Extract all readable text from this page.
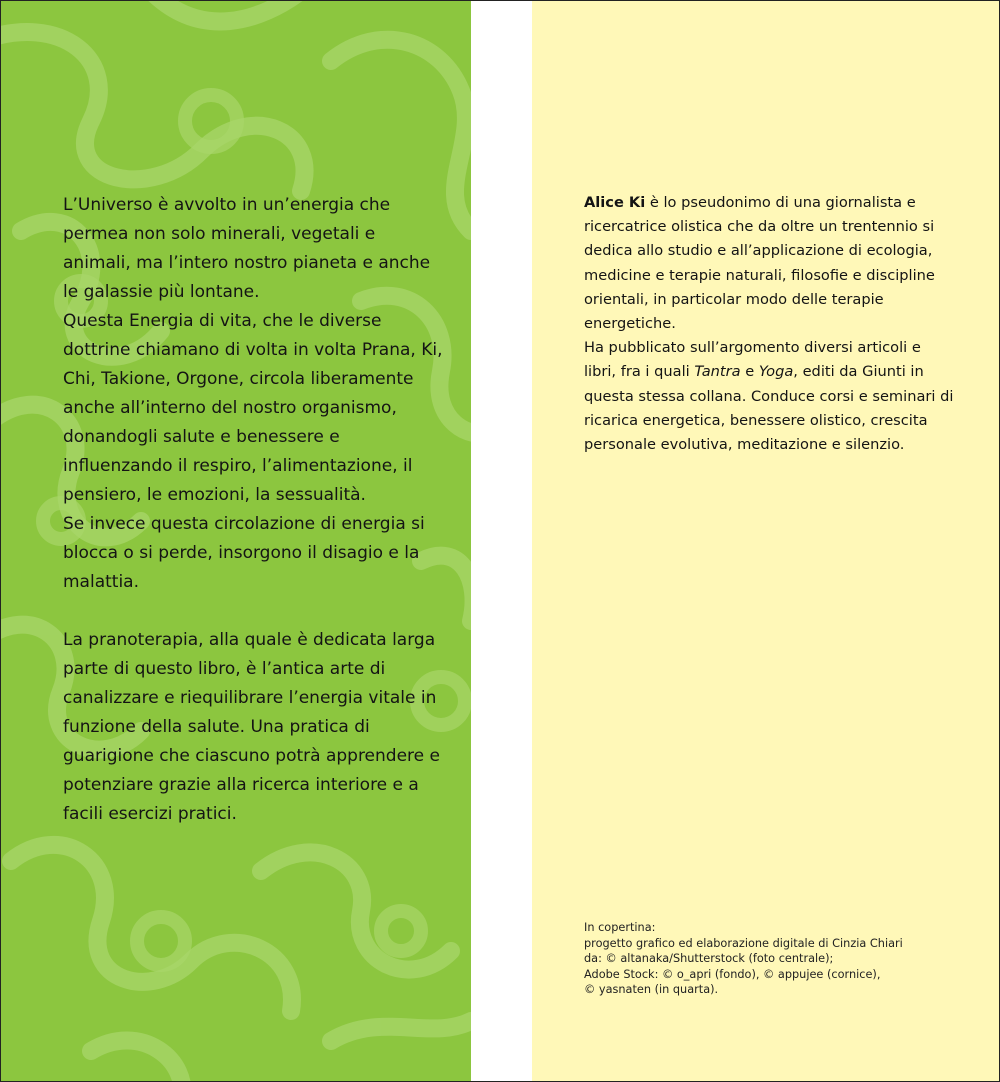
L’Universo è avvolto in un’energia che permea non solo minerali, vegetali e animali, ma l’intero nostro pianeta e anche le galassie più lontane.

Questa Energia di vita, che le diverse dottrine chiamano di volta in volta Prana, Ki, Chi, Takione, Orgone, circola liberamente anche all’interno del nostro organismo, donandogli salute e benessere e influenzando il respiro, l’alimentazione, il pensiero, le emozioni, la sessualità.

Se invece questa circolazione di energia si blocca o si perde, insorgono il disagio e la malattia.

La pranoterapia, alla quale è dedicata larga parte di questo libro, è l’antica arte di canalizzare e riequilibrare l’energia vitale in funzione della salute. Una pratica di guarigione che ciascuno potrà apprendere e potenziare grazie alla ricerca interiore e a facili esercizi pratici.

Alice Ki è lo pseudonimo di una giornalista e ricercatrice olistica che da oltre un trentennio si dedica allo studio e all’applicazione di ecologia, medicine e terapie naturali, filosofie e discipline orientali, in particolar modo delle terapie energetiche.

Ha pubblicato sull’argomento diversi articoli e libri, fra i quali Tantra e Yoga, editi da Giunti in questa stessa collana. Conduce corsi e seminari di ricarica energetica, benessere olistico, crescita personale evolutiva, meditazione e silenzio.

In copertina:
progetto grafico ed elaborazione digitale di Cinzia Chiari
da: © altanaka/Shutterstock (foto centrale);
Adobe Stock: © o_apri (fondo), © appujee (cornice),
© yasnaten (in quarta).
